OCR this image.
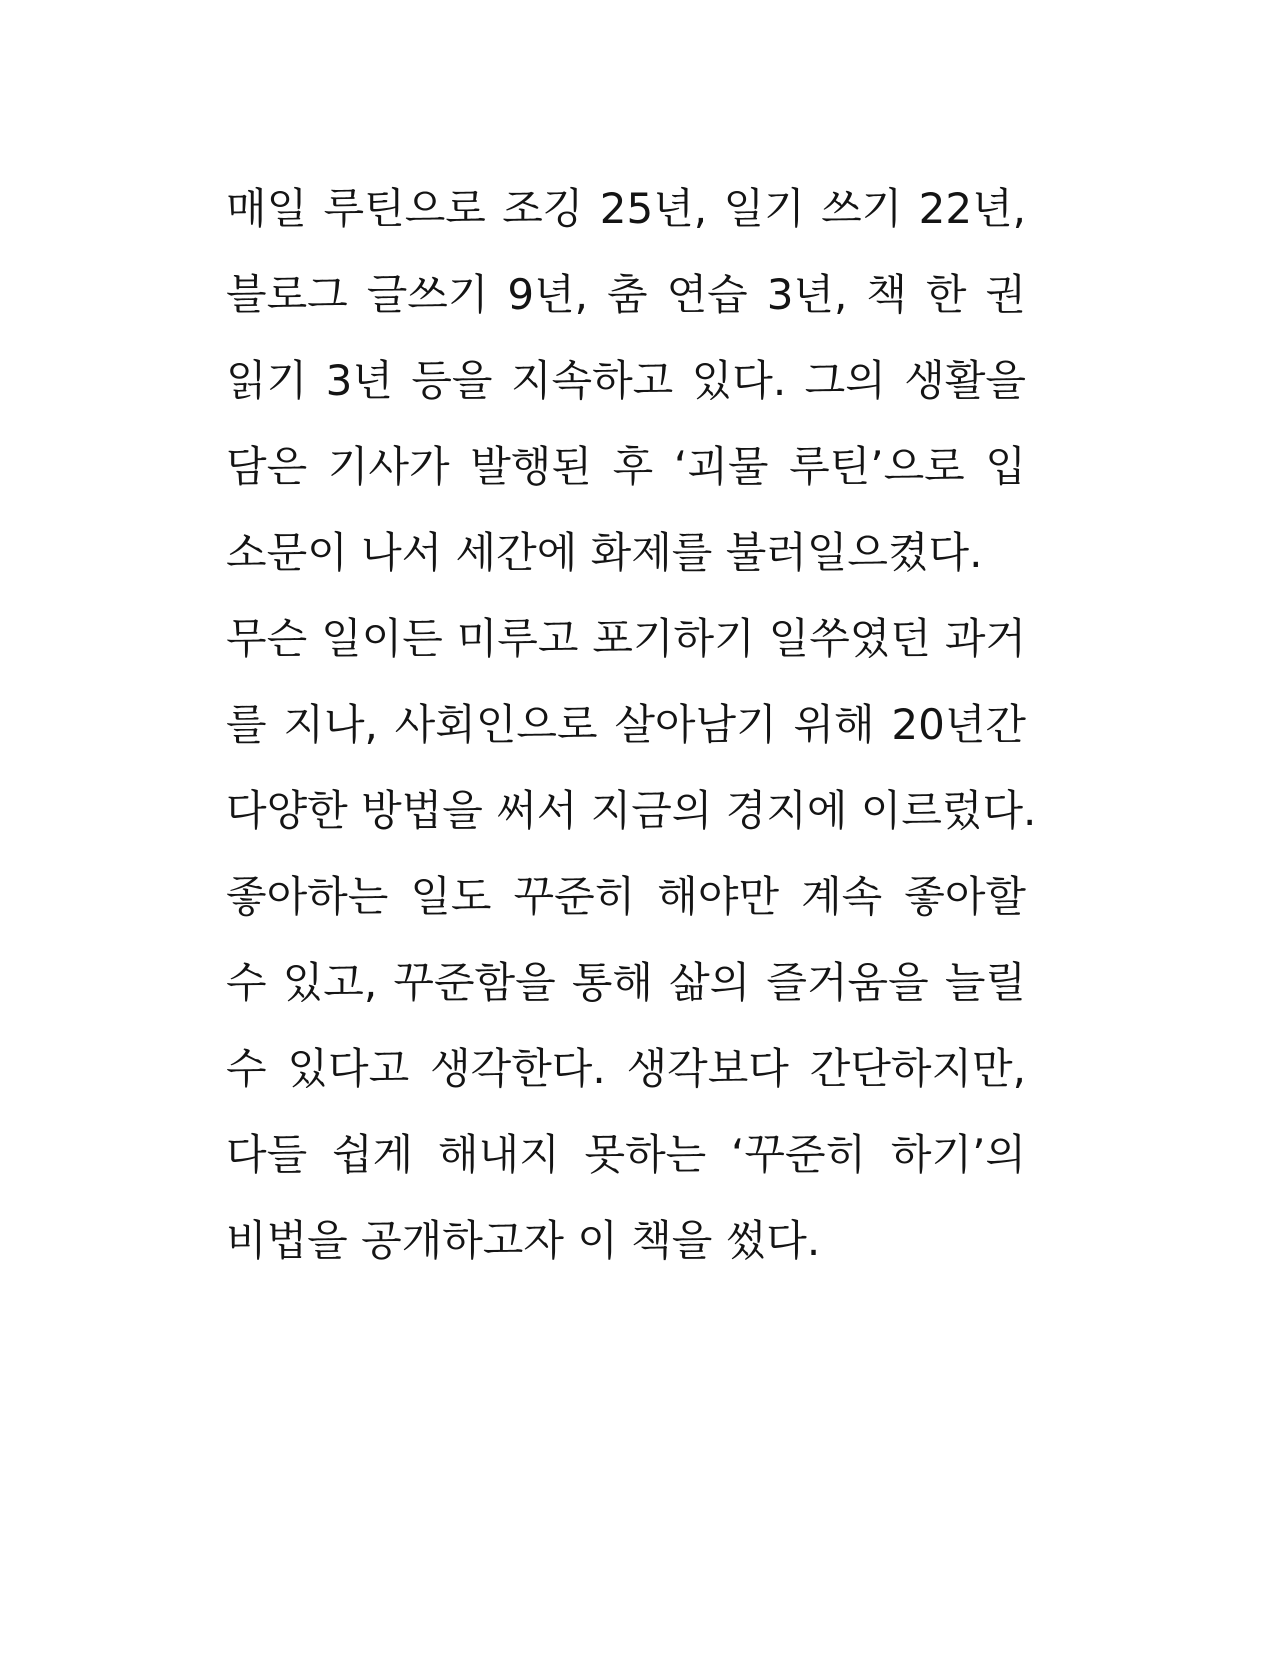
매일 루틴으로 조깅 25년, 일기 쓰기 22년,
블로그 글쓰기 9년, 춤 연습 3년, 책 한 권
읽기 3년 등을 지속하고 있다. 그의 생활을
담은 기사가 발행된 후 ‘괴물 루틴’으로 입
소문이 나서 세간에 화제를 불러일으켰다.
무슨 일이든 미루고 포기하기 일쑤였던 과거
를 지나, 사회인으로 살아남기 위해 20년간
다양한 방법을 써서 지금의 경지에 이르렀다.
좋아하는 일도 꾸준히 해야만 계속 좋아할
수 있고, 꾸준함을 통해 삶의 즐거움을 늘릴
수 있다고 생각한다. 생각보다 간단하지만,
다들 쉽게 해내지 못하는 ‘꾸준히 하기’의
비법을 공개하고자 이 책을 썼다.
